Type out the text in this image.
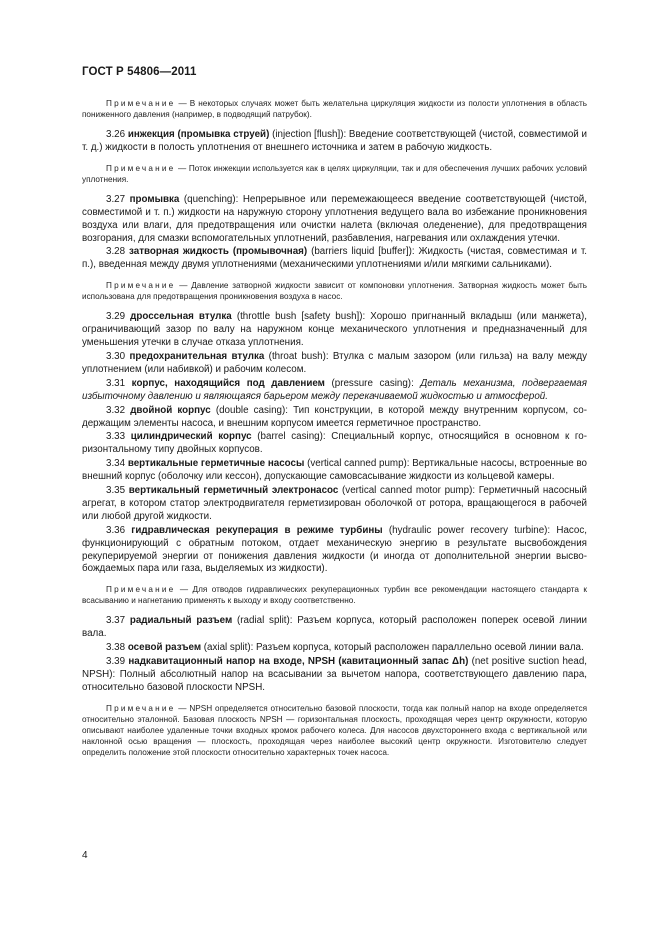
ГОСТ Р 54806—2011

Примечание — В некоторых случаях может быть желательна циркуляция жидкости из полости уплотнения в область пониженного давления (например, в подводящий патрубок).

3.26 инжекция (промывка струей) (injection [flush]): Введение соответствующей (чистой, совместимой и т. д.) жидкости в полость уплотнения от внешнего источника и затем в рабочую жидкость.

Примечание — Поток инжекции используется как в целях циркуляции, так и для обеспечения лучших рабочих условий уплотнения.

3.27 промывка (quenching): Непрерывное или перемежающееся введение соответствующей (чистой, совместимой и т. п.) жидкости на наружную сторону уплотнения ведущего вала во избежание проникновения воздуха или влаги, для предотвращения или очистки налета (включая оледенение), для предотвращения возгорания, для смазки вспомогательных уплотнений, разбавления, нагревания или охлаждения утечки.

3.28 затворная жидкость (промывочная) (barriers liquid [buffer]): Жидкость (чистая, совместимая и т. п.), введенная между двумя уплотнениями (механическими уплотнениями и/или мягкими сальниками).

Примечание — Давление затворной жидкости зависит от компоновки уплотнения. Затворная жидкость может быть использована для предотвращения проникновения воздуха в насос.

3.29 дроссельная втулка (throttle bush [safety bush]): Хорошо пригнанный вкладыш (или манжета), ограничивающий зазор по валу на наружном конце механического уплотнения и предназначенный для уменьшения утечки в случае отказа уплотнения.

3.30 предохранительная втулка (throat bush): Втулка с малым зазором (или гильза) на валу между уплотнением (или набивкой) и рабочим колесом.

3.31 корпус, находящийся под давлением (pressure casing): Деталь механизма, подвергаемая избыточному давлению и являющаяся барьером между перекачиваемой жидкостью и атмосферой.

3.32 двойной корпус (double casing): Тип конструкции, в которой между внутренним корпусом, содержащим элементы насоса, и внешним корпусом имеется герметичное пространство.

3.33 цилиндрический корпус (barrel casing): Специальный корпус, относящийся в основном к горизонтальному типу двойных корпусов.

3.34 вертикальные герметичные насосы (vertical canned pump): Вертикальные насосы, встроенные во внешний корпус (оболочку или кессон), допускающие самовсасывание жидкости из кольцевой камеры.

3.35 вертикальный герметичный электронасос (vertical canned motor pump): Герметичный насосный агрегат, в котором статор электродвигателя герметизирован оболочкой от ротора, вращающегося в рабочей или любой другой жидкости.

3.36 гидравлическая рекуперация в режиме турбины (hydraulic power recovery turbine): Насос, функционирующий с обратным потоком, отдает механическую энергию в результате высвобождения рекуперируемой энергии от понижения давления жидкости (и иногда от дополнительной энергии высвобождаемых пара или газа, выделяемых из жидкости).

Примечание — Для отводов гидравлических рекуперационных турбин все рекомендации настоящего стандарта к всасыванию и нагнетанию применять к выходу и входу соответственно.

3.37 радиальный разъем (radial split): Разъем корпуса, который расположен поперек осевой линии вала.

3.38 осевой разъем (axial split): Разъем корпуса, который расположен параллельно осевой линии вала.

3.39 надкавитационный напор на входе, NPSH (кавитационный запас Δh) (net positive suction head, NPSH): Полный абсолютный напор на всасывании за вычетом напора, соответствующего давлению пара, относительно базовой плоскости NPSH.

Примечание — NPSH определяется относительно базовой плоскости, тогда как полный напор на входе определяется относительно эталонной. Базовая плоскость NPSH — горизонтальная плоскость, проходящая через центр окружности, которую описывают наиболее удаленные точки входных кромок рабочего колеса. Для насосов двухстороннего входа с вертикальной или наклонной осью вращения — плоскость, проходящая через наиболее высокий центр окружности. Изготовителю следует определить положение этой плоскости относительно характерных точек насоса.

4
